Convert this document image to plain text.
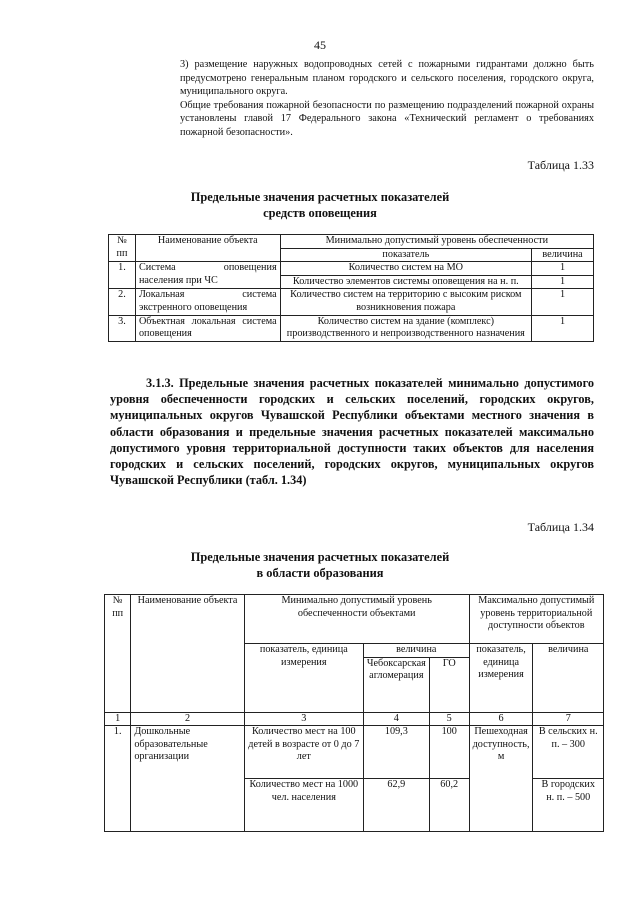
45

3) размещение наружных водопроводных сетей с пожарными гидрантами должно быть предусмотрено генеральным планом городского и сельского поселения, городского округа, муниципального округа.

Общие требования пожарной безопасности по размещению подразделений пожарной охраны установлены главой 17 Федерального закона «Технический регламент о требованиях пожарной безопасности».

Таблица 1.33
Предельные значения расчетных показателей
средств оповещения
№
пп	Наименование объекта	Минимально допустимый уровень обеспеченности	
		показатель	величина
1.	Система оповещения населения при ЧС	Количество систем на МО	1
		Количество элементов системы оповещения на н. п.	1
2.	Локальная система экстренного оповещения	Количество систем на территорию с высоким риском возникновения пожара	1
3.	Объектная локальная система оповещения	Количество систем на здание (комплекс) производственного и непроизводственного назначения	1
3.1.3. Предельные значения расчетных показателей минимально допустимого уровня обеспеченности городских и сельских поселений, городских округов, муниципальных округов Чувашской Республики объектами местного значения в области образования и предельные значения расчетных показателей максимально допустимого уровня территориальной доступности таких объектов для населения городских и сельских поселений, городских округов, муниципальных округов Чувашской Республики (табл. 1.34)
Таблица 1.34
Предельные значения расчетных показателей
в области образования
№
пп	Наименование объекта	Минимально допустимый уровень обеспеченности объектами			Максимально допустимый уровень территориальной доступности объектов	
		показатель, единица измерения	величина		показатель, единица измерения	величина
			Чебоксарская агломерация	ГО		
1	2	3	4	5	6	7
1.	Дошкольные образовательные организации	Количество мест на 100 детей в возрасте от 0 до 7 лет	109,3	100	Пешеходная доступность, м	В сельских н. п. – 300
		Количество мест на 1000 чел. населения	62,9	60,2		В городских н. п. – 500
